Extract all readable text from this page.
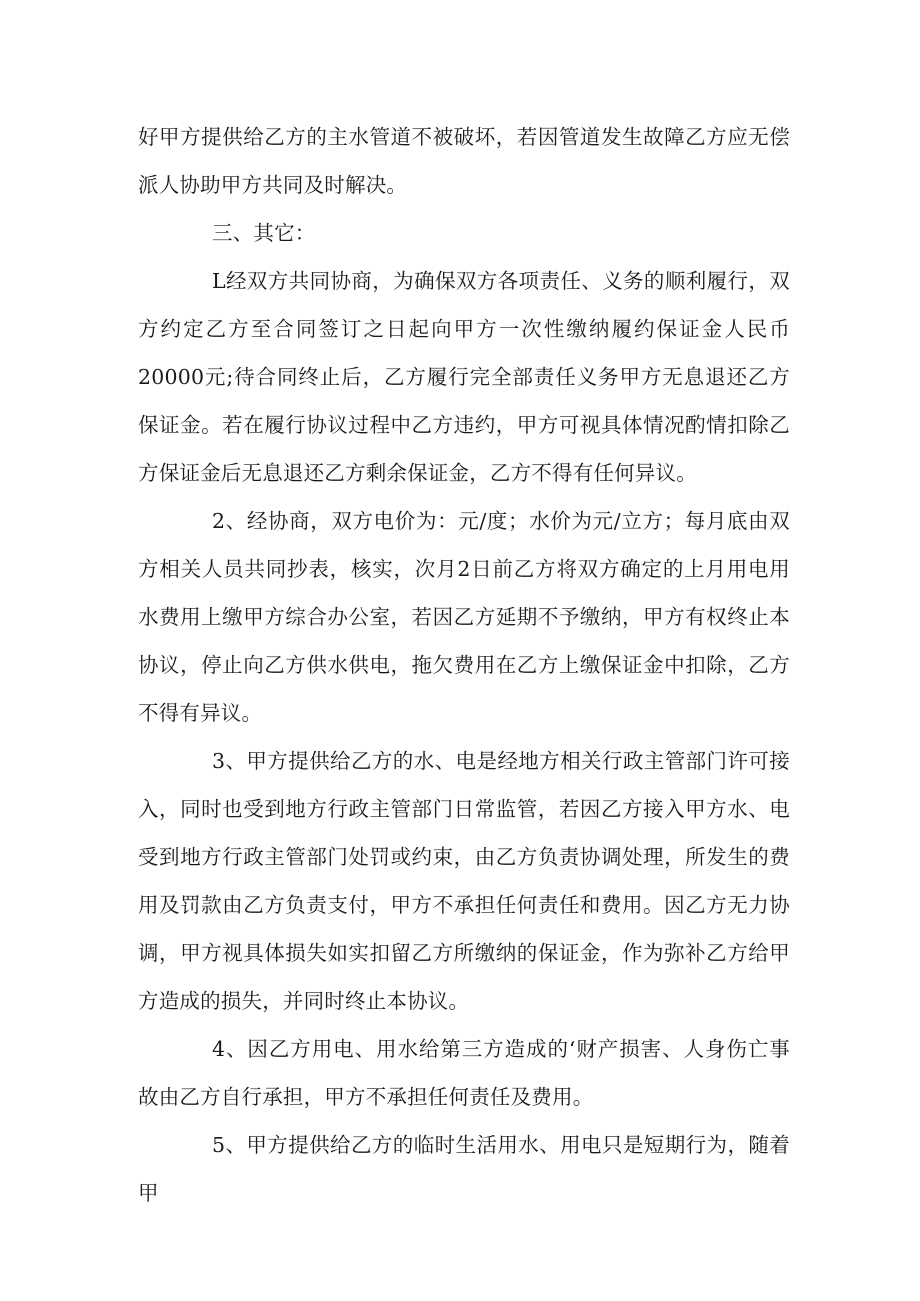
好甲方提供给乙方的主水管道不被破坏，若因管道发生故障乙方应无偿派人协助甲方共同及时解决。

三、其它：

L经双方共同协商，为确保双方各项责任、义务的顺利履行，双方约定乙方至合同签订之日起向甲方一次性缴纳履约保证金人民币20000元;待合同终止后，乙方履行完全部责任义务甲方无息退还乙方保证金。若在履行协议过程中乙方违约，甲方可视具体情况酌情扣除乙方保证金后无息退还乙方剩余保证金，乙方不得有任何异议。

2、经协商，双方电价为：元/度；水价为元/立方；每月底由双方相关人员共同抄表，核实，次月2日前乙方将双方确定的上月用电用水费用上缴甲方综合办公室，若因乙方延期不予缴纳，甲方有权终止本协议，停止向乙方供水供电，拖欠费用在乙方上缴保证金中扣除，乙方不得有异议。

3、甲方提供给乙方的水、电是经地方相关行政主管部门许可接入，同时也受到地方行政主管部门日常监管，若因乙方接入甲方水、电受到地方行政主管部门处罚或约束，由乙方负责协调处理，所发生的费用及罚款由乙方负责支付，甲方不承担任何责任和费用。因乙方无力协调，甲方视具体损失如实扣留乙方所缴纳的保证金，作为弥补乙方给甲方造成的损失，并同时终止本协议。

4、因乙方用电、用水给第三方造成的‘财产损害、人身伤亡事故由乙方自行承担，甲方不承担任何责任及费用。

5、甲方提供给乙方的临时生活用水、用电只是短期行为，随着甲
